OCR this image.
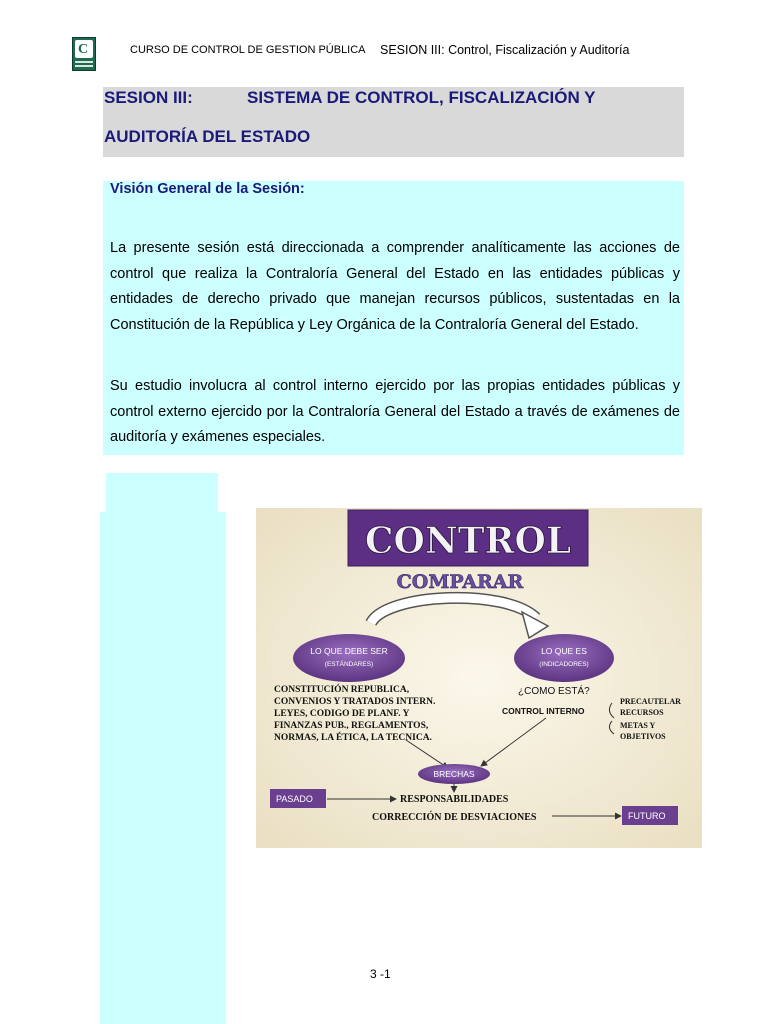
C	CURSO DE CONTROL DE GESTION PÚBLICA SESION III: Control, Fiscalización y Auditoría
SESION III:	SISTEMA DE CONTROL, FISCALIZACIÓN Y
AUDITORÍA DEL ESTADO
Visión General de la Sesión:
La presente sesión está direccionada a comprender analíticamente las acciones de control que realiza la Contraloría General del Estado en las entidades públicas y entidades de derecho privado que manejan recursos públicos, sustentadas en la Constitución de la República y Ley Orgánica de la Contraloría General del Estado.
Su estudio involucra al control interno ejercido por las propias entidades públicas y control externo ejercido por la Contraloría General del Estado a través de exámenes de auditoría y exámenes especiales.
CONTROL
COMPARAR
LO QUE DEBE SER
(ESTÁNDARES)
LO QUE ES
(INDICADORES)
CONSTITUCIÓN REPUBLICA,
CONVENIOS Y TRATADOS INTERN.
LEYES, CODIGO DE PLANF. Y
FINANZAS PUB., REGLAMENTOS,
NORMAS, LA ÉTICA, LA TECNICA.
¿COMO ESTÁ?
CONTROL INTERNO
PRECAUTELAR
RECURSOS
METAS Y
OBJETIVOS
BRECHAS
PASADO	RESPONSABILIDADES
CORRECCIÓN DE DESVIACIONES	FUTURO
3 -1
